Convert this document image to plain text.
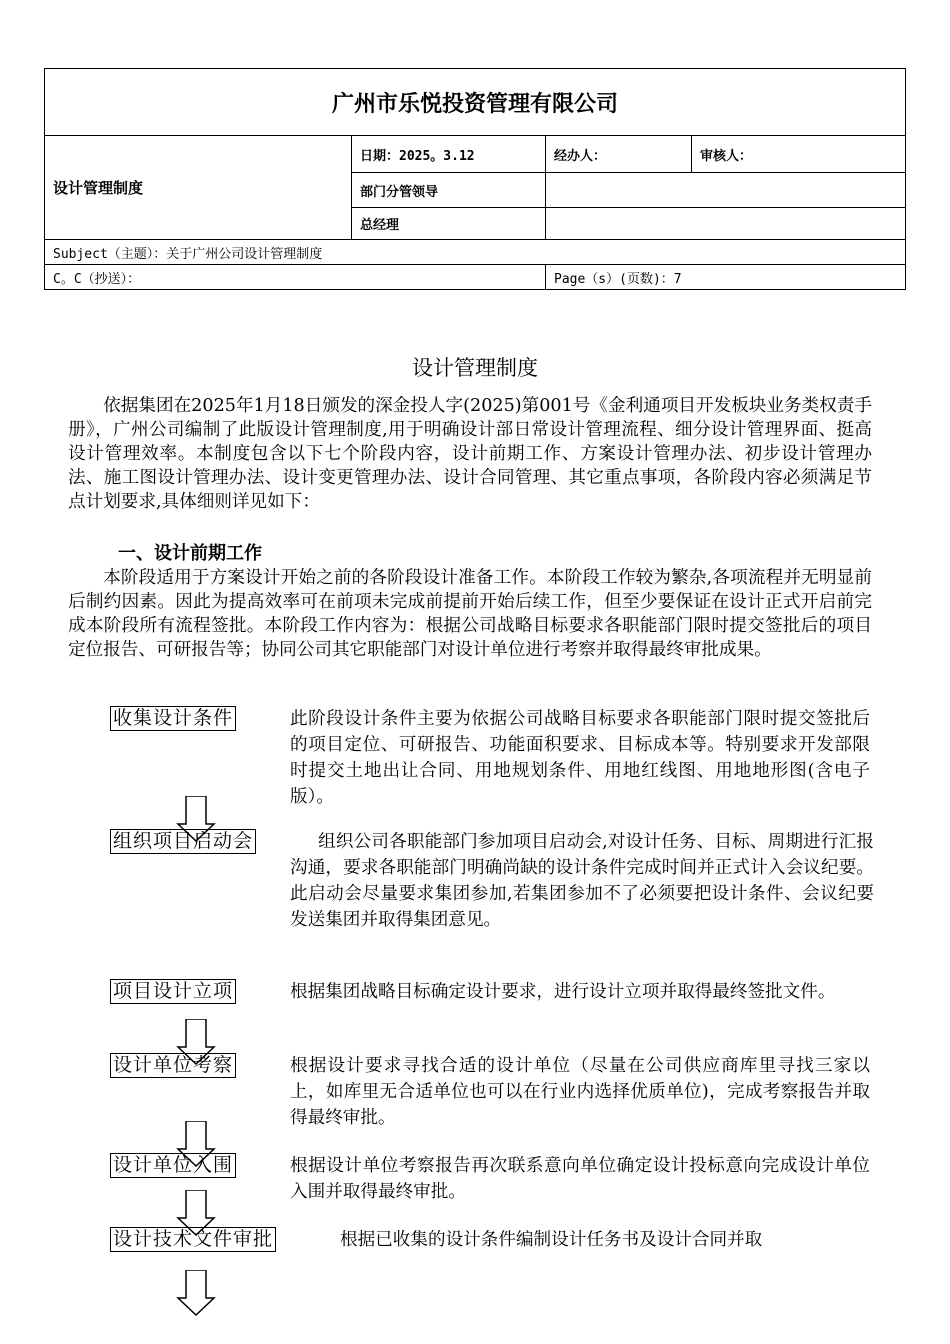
广州市乐悦投资管理有限公司			
设计管理制度	日期：2025。3.12	经办人：	审核人：
	部门分管领导		
	总经理		
Subject（主题）：关于广州公司设计管理制度			
C。C（抄送）：		Page（s）(页数)：7	
设计管理制度

依据集团在2025年1月18日颁发的深金投人字(2025)第001号《金利通项目开发板块业务类权责手册》，广州公司编制了此版设计管理制度,用于明确设计部日常设计管理流程、细分设计管理界面、挺高设计管理效率。本制度包含以下七个阶段内容，设计前期工作、方案设计管理办法、初步设计管理办法、施工图设计管理办法、设计变更管理办法、设计合同管理、其它重点事项，各阶段内容必须满足节点计划要求,具体细则详见如下：

一、设计前期工作

本阶段适用于方案设计开始之前的各阶段设计准备工作。本阶段工作较为繁杂,各项流程并无明显前后制约因素。因此为提高效率可在前项未完成前提前开始后续工作，但至少要保证在设计正式开启前完成本阶段所有流程签批。本阶段工作内容为：根据公司战略目标要求各职能部门限时提交签批后的项目定位报告、可研报告等；协同公司其它职能部门对设计单位进行考察并取得最终审批成果。

收集设计条件	此阶段设计条件主要为依据公司战略目标要求各职能部门限时提交签批后的项目定位、可研报告、功能面积要求、目标成本等。特别要求开发部限时提交土地出让合同、用地规划条件、用地红线图、用地地形图(含电子版）。

组织项目启动会	组织公司各职能部门参加项目启动会,对设计任务、目标、周期进行汇报沟通，要求各职能部门明确尚缺的设计条件完成时间并正式计入会议纪要。此启动会尽量要求集团参加,若集团参加不了必须要把设计条件、会议纪要发送集团并取得集团意见。

项目设计立项	根据集团战略目标确定设计要求，进行设计立项并取得最终签批文件。

设计单位考察	根据设计要求寻找合适的设计单位（尽量在公司供应商库里寻找三家以上，如库里无合适单位也可以在行业内选择优质单位)，完成考察报告并取得最终审批。

设计单位入围	根据设计单位考察报告再次联系意向单位确定设计投标意向完成设计单位入围并取得最终审批。

设计技术文件审批	根据已收集的设计条件编制设计任务书及设计合同并取
